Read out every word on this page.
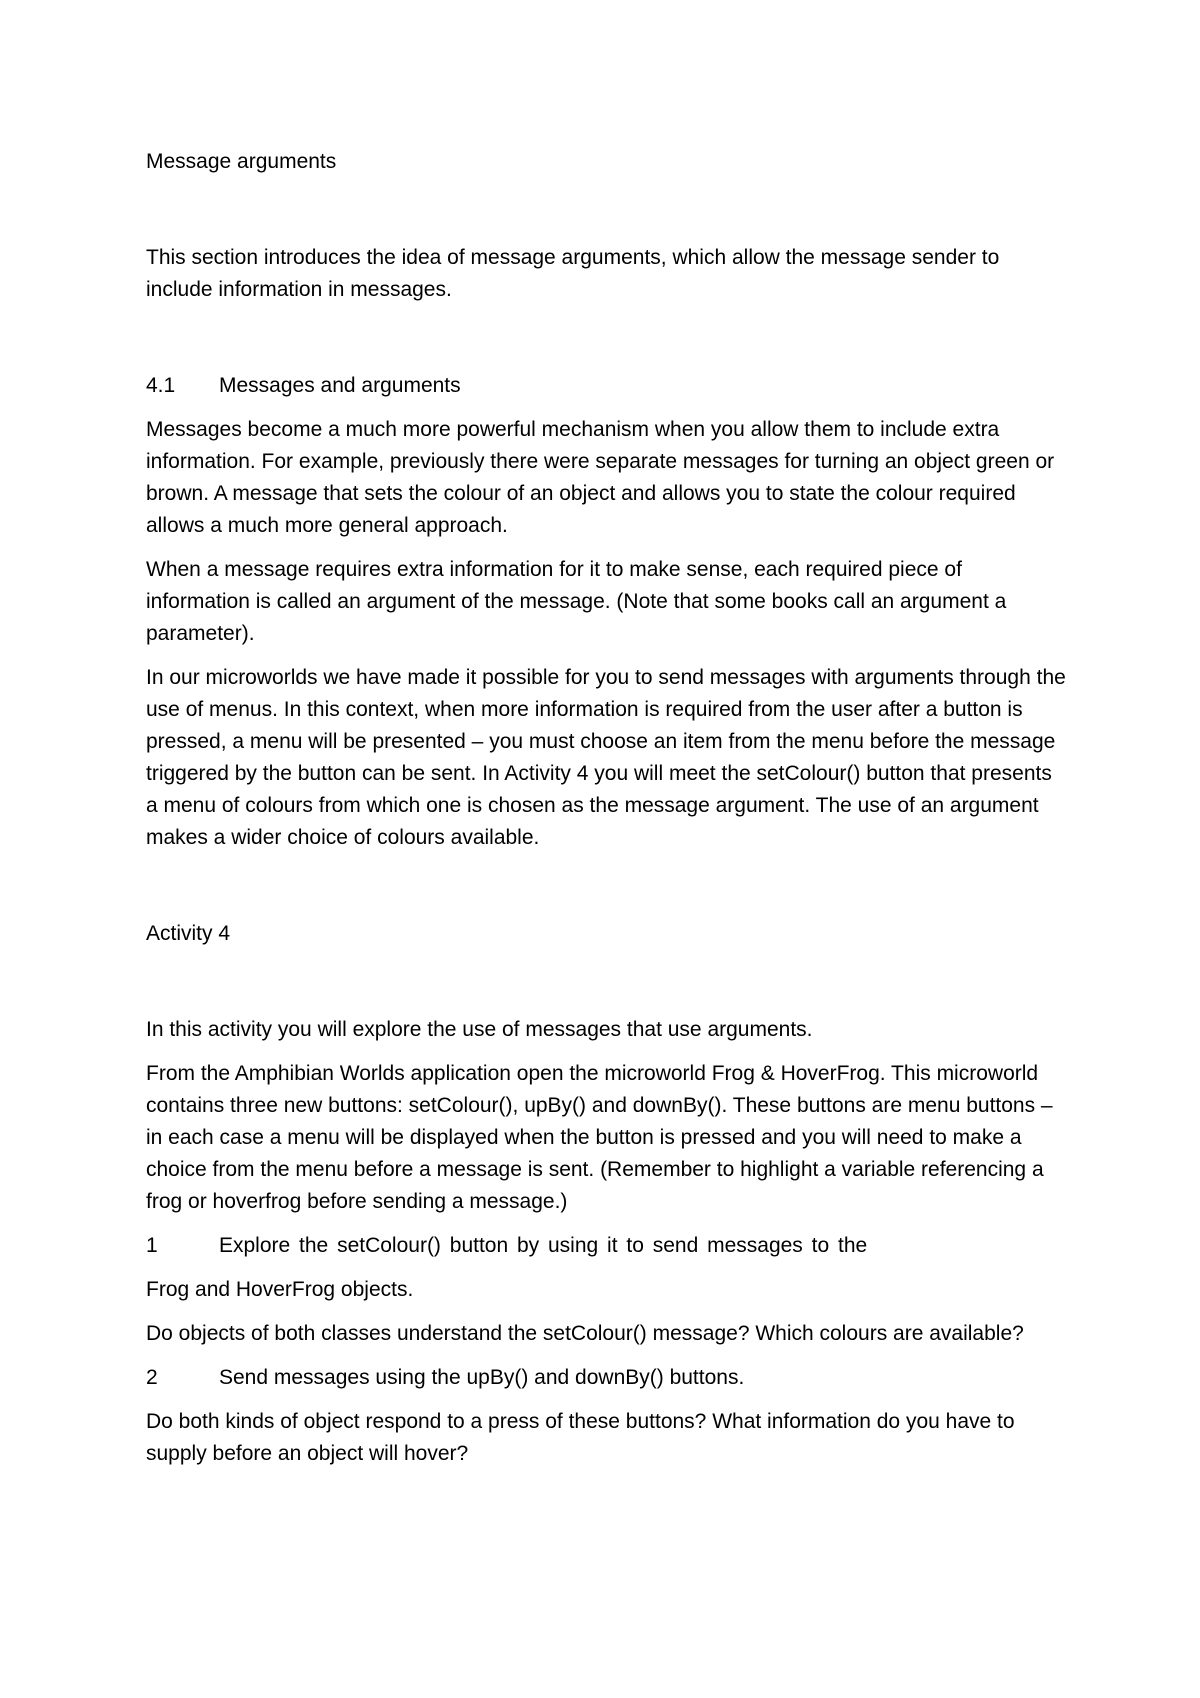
Message arguments

This section introduces the idea of message arguments, which allow the message sender to include information in messages.

4.1	Messages and arguments

Messages become a much more powerful mechanism when you allow them to include extra information. For example, previously there were separate messages for turning an object green or brown. A message that sets the colour of an object and allows you to state the colour required allows a much more general approach.

When a message requires extra information for it to make sense, each required piece of information is called an argument of the message. (Note that some books call an argument a parameter).

In our microworlds we have made it possible for you to send messages with arguments through the use of menus. In this context, when more information is required from the user after a button is pressed, a menu will be presented – you must choose an item from the menu before the message triggered by the button can be sent. In Activity 4 you will meet the setColour() button that presents a menu of colours from which one is chosen as the message argument. The use of an argument makes a wider choice of colours available.

Activity 4

In this activity you will explore the use of messages that use arguments.

From the Amphibian Worlds application open the microworld Frog & HoverFrog. This microworld contains three new buttons: setColour(), upBy() and downBy(). These buttons are menu buttons – in each case a menu will be displayed when the button is pressed and you will need to make a choice from the menu before a message is sent. (Remember to highlight a variable referencing a frog or hoverfrog before sending a message.)

1	Explore the setColour() button by using it to send messages to the

Frog and HoverFrog objects.

Do objects of both classes understand the setColour() message? Which colours are available?

2	Send messages using the upBy() and downBy() buttons.

Do both kinds of object respond to a press of these buttons? What information do you have to supply before an object will hover?
